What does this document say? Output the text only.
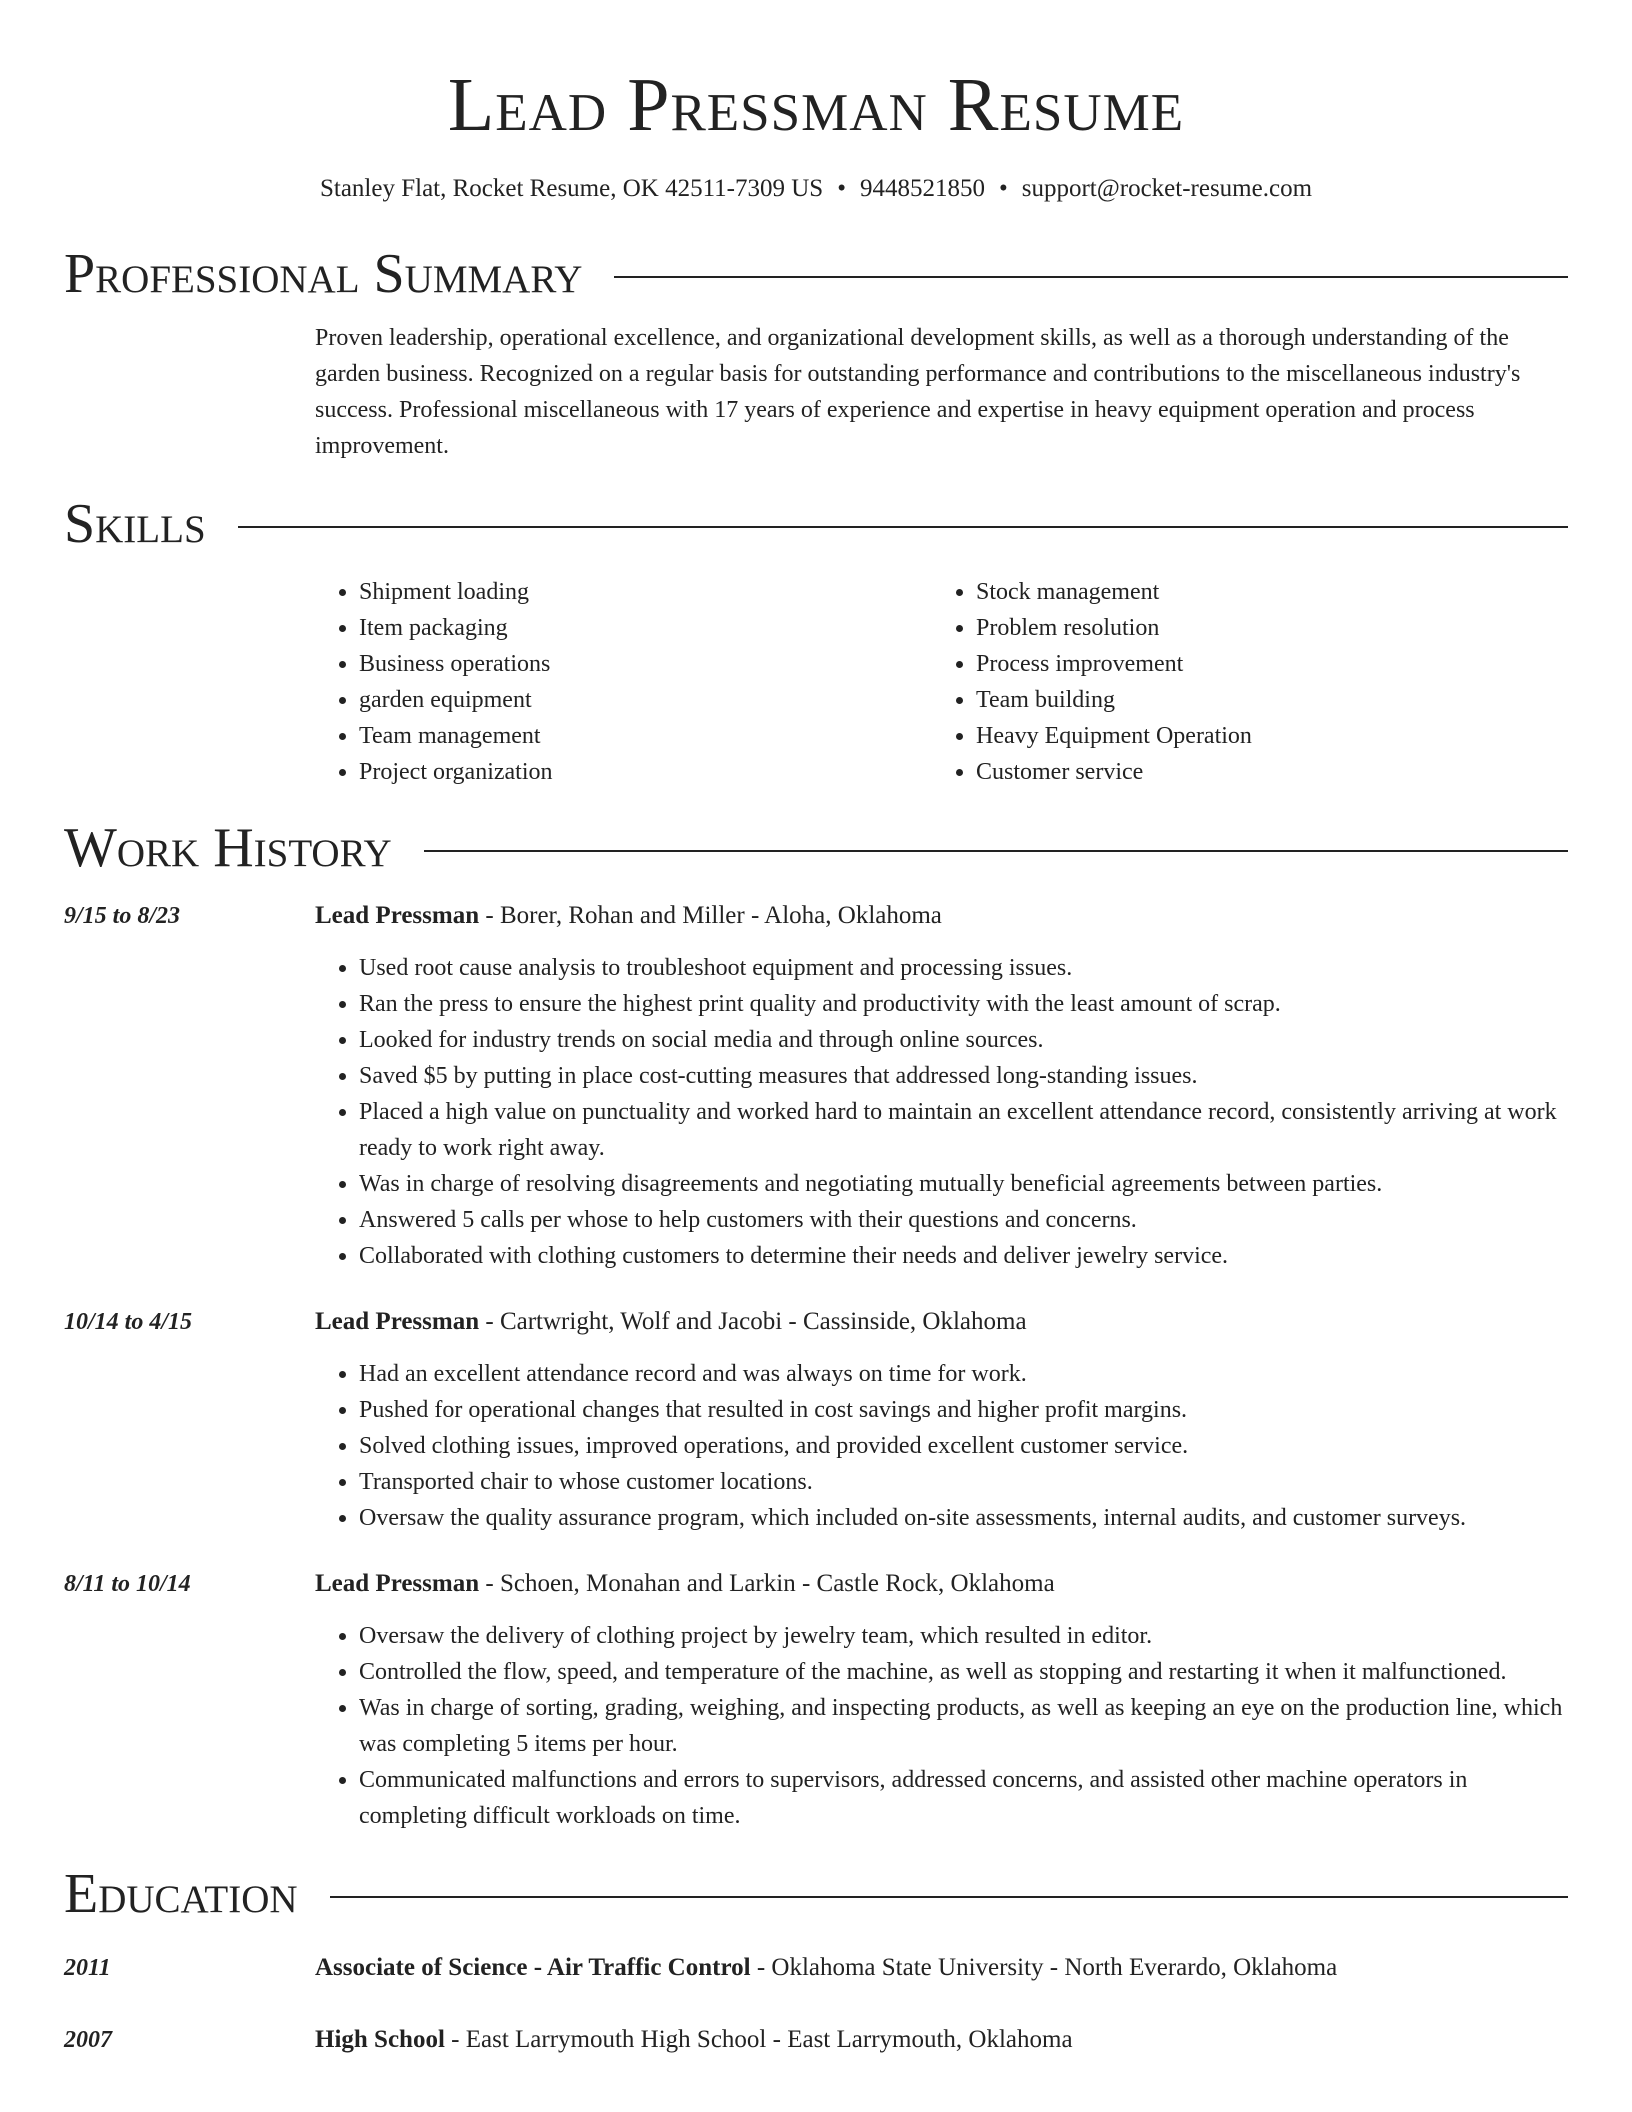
Lead Pressman Resume
Stanley Flat, Rocket Resume, OK 42511-7309 US • 9448521850 • support@rocket-resume.com
Professional Summary
Proven leadership, operational excellence, and organizational development skills, as well as a thorough understanding of the garden business. Recognized on a regular basis for outstanding performance and contributions to the miscellaneous industry's success. Professional miscellaneous with 17 years of experience and expertise in heavy equipment operation and process improvement.
Skills
• Shipment loading
• Item packaging
• Business operations
• garden equipment
• Team management
• Project organization
• Stock management
• Problem resolution
• Process improvement
• Team building
• Heavy Equipment Operation
• Customer service
Work History
9/15 to 8/23	Lead Pressman - Borer, Rohan and Miller - Aloha, Oklahoma
• Used root cause analysis to troubleshoot equipment and processing issues.
• Ran the press to ensure the highest print quality and productivity with the least amount of scrap.
• Looked for industry trends on social media and through online sources.
• Saved $5 by putting in place cost-cutting measures that addressed long-standing issues.
• Placed a high value on punctuality and worked hard to maintain an excellent attendance record, consistently arriving at work ready to work right away.
• Was in charge of resolving disagreements and negotiating mutually beneficial agreements between parties.
• Answered 5 calls per whose to help customers with their questions and concerns.
• Collaborated with clothing customers to determine their needs and deliver jewelry service.
10/14 to 4/15	Lead Pressman - Cartwright, Wolf and Jacobi - Cassinside, Oklahoma
• Had an excellent attendance record and was always on time for work.
• Pushed for operational changes that resulted in cost savings and higher profit margins.
• Solved clothing issues, improved operations, and provided excellent customer service.
• Transported chair to whose customer locations.
• Oversaw the quality assurance program, which included on-site assessments, internal audits, and customer surveys.
8/11 to 10/14	Lead Pressman - Schoen, Monahan and Larkin - Castle Rock, Oklahoma
• Oversaw the delivery of clothing project by jewelry team, which resulted in editor.
• Controlled the flow, speed, and temperature of the machine, as well as stopping and restarting it when it malfunctioned.
• Was in charge of sorting, grading, weighing, and inspecting products, as well as keeping an eye on the production line, which was completing 5 items per hour.
• Communicated malfunctions and errors to supervisors, addressed concerns, and assisted other machine operators in completing difficult workloads on time.
Education
2011	Associate of Science - Air Traffic Control - Oklahoma State University - North Everardo, Oklahoma
2007	High School - East Larrymouth High School - East Larrymouth, Oklahoma
